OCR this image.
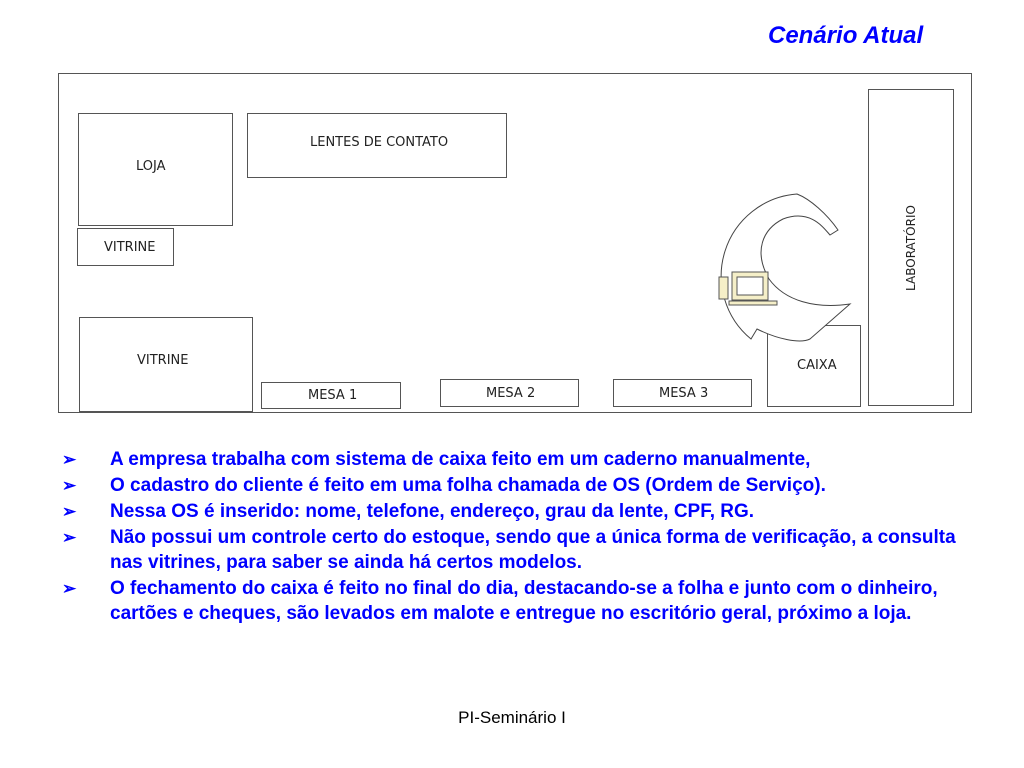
Cenário Atual
LOJA
LENTES DE CONTATO
VITRINE
VITRINE
MESA 1	MESA 2	MESA 3
CAIXA
LABORATÓRIO
➢ A empresa trabalha com sistema de caixa feito em um caderno manualmente,
➢ O cadastro do cliente é feito em uma folha chamada de OS (Ordem de Serviço).
➢ Nessa OS é inserido: nome, telefone, endereço, grau da lente, CPF, RG.
➢ Não possui um controle certo do estoque, sendo que a única forma de verificação, a consulta nas vitrines, para saber se ainda há certos modelos.
➢ O fechamento do caixa é feito no final do dia, destacando-se a folha e junto com o dinheiro, cartões e cheques, são levados em malote e entregue no escritório geral, próximo a loja.
PI-Seminário I
